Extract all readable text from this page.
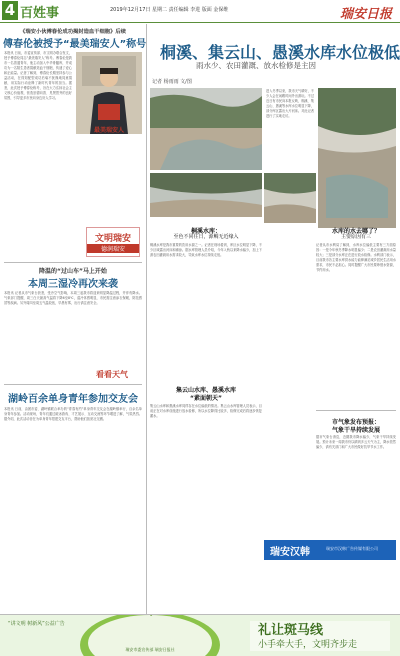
4 百姓事	2019年12月17日 星期二 责任编辑 李进 版面 金保维	瑞安日报
《瑞安小伙傅春伦成功揭封造血干细胞》后续
傅春伦被授予“最美瑞安人”称号
本报讯 日前，市委宣传部、市文明办联合发文，授予傅春伦同志“最美瑞安人”称号。傅春伦是我市一名普通青年，他主动加入中华骨髓库，并成功为一名陌生患者捐献造血干细胞，传递了爱心和正能量。记者了解到，傅春伦长期坚持参与公益活动，在得知配型成功后毫不犹豫地同意捐献，用实际行动诠释了新时代青年的担当。据悉，此次授予傅春伦称号，旨在大力弘扬社会主义核心价值观，营造崇德向善、见贤思齐的良好氛围，引导更多市民向身边好人学习。
最美瑞安人
文明瑞安
德润瑞安
降温的“过山车”马上开始
本周三湿冷再次来袭
本报讯 记者从市气象台获悉，受冷空气影响，本周三起我市将迎来明显降温过程，并伴有降水。气象部门提醒，周三白天最高气温将下降6至8℃，湿冷体感明显，市民需注意添衣保暖，防范感冒等疾病。另外周四至周五气温较低，早晨有雾，出行请注意安全。
看看天气
湖岭百余单身青年参加交友会
本报讯 日前，由团市委、湖岭镇联合举办的“青春有约”单身青年交友会在湖岭镇举行，百余名单身青年参加。活动现场，青年们通过破冰游戏、才艺展示、互动交流等环节增进了解，气氛热烈。据介绍，此次活动旨在为单身青年搭建交友平台，帮助他们拓宽社交圈。
桐溪、集云山、愚溪水库水位极低
雨水少、农田灌溉、放水检修是主因
记者 杨雨雨 文/图
进入冬季以来，我市天气晴好，不少人会在闲暇时间外出游玩。不过近日有市民向本报反映，桐溪、集云山、愚溪等水库水位明显下降，部分库区露出大片河床。对此记者进行了实地走访。
桐溪水库：
至色不同往日，源鲷无近缘入
桐溪水库是我市重要的饮用水源之一。记者在现场看到，库区水位明显下降，不少区域露出河床和滩涂。据水库管理人员介绍，今年入秋以来降水偏少，加上下游农田灌溉用水需求较大，导致水库水位持续走低。
水库的水去哪了？
主要原因有三
记者从市水利局了解到，水库水位偏低主要有三方面原因：一是今年秋冬季降水明显偏少；二是农田灌溉用水量较大；三是部分水库正在进行放水检修。水利部门表示，目前我市各主要水库供水能力能够满足城乡居民生活用水需求，市民不必担心。同时提醒广大市民要珍惜水资源，节约用水。
集云山水库、愚溪水库
“素面朝天”
集云山水库和愚溪水库同样存在水位偏低的情况。集云山水库管理人员表示，目前正在对水库设施进行放水检修，所以水位降得比较多，检修完成后将逐步恢复蓄水。
市气象发布预报：
气象干旱持续发展
据市气象台消息，近期我市降水偏少，气象干旱持续发展。预计未来一周我市仍以晴到多云天气为主，降水依然偏少，请有关部门和广大市民做好抗旱节水工作。
瑞安汉韩	瑞安市汉韩广告传媒有限公司
“讲文明 树新风”公益广告	礼让斑马线
小手牵大手，文明齐步走
瑞安市委宣传部 瑞安日报社
